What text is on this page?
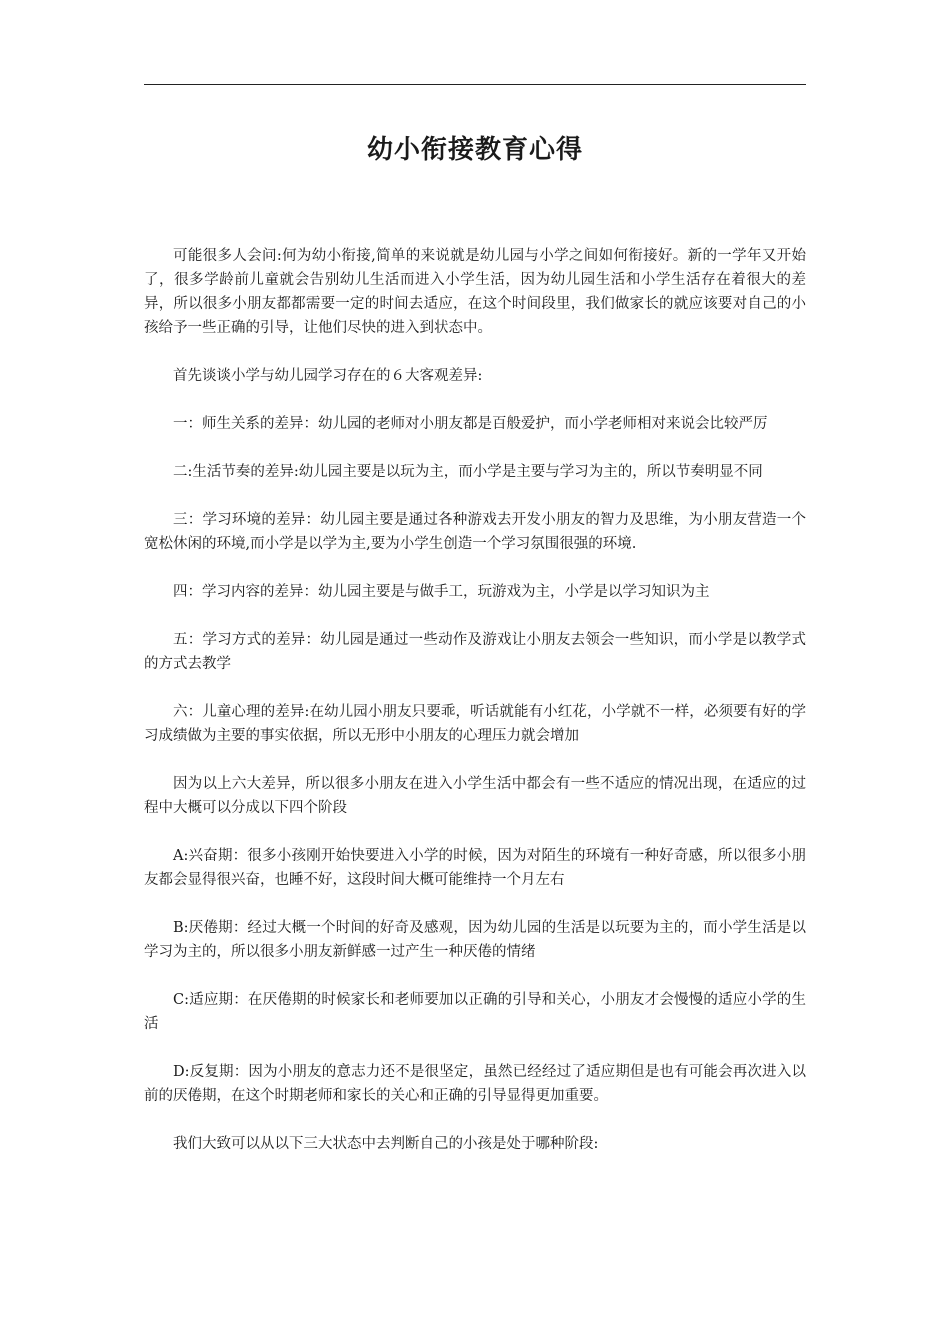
幼小衔接教育心得

可能很多人会问:何为幼小衔接,简单的来说就是幼儿园与小学之间如何衔接好。新的一学年又开始了，很多学龄前儿童就会告别幼儿生活而进入小学生活，因为幼儿园生活和小学生活存在着很大的差异，所以很多小朋友都都需要一定的时间去适应，在这个时间段里，我们做家长的就应该要对自己的小孩给予一些正确的引导，让他们尽快的进入到状态中。

首先谈谈小学与幼儿园学习存在的６大客观差异:

一：师生关系的差异：幼儿园的老师对小朋友都是百般爱护，而小学老师相对来说会比较严厉

二:生活节奏的差异:幼儿园主要是以玩为主，而小学是主要与学习为主的，所以节奏明显不同

三：学习环境的差异：幼儿园主要是通过各种游戏去开发小朋友的智力及思维，为小朋友营造一个宽松休闲的环境,而小学是以学为主,要为小学生创造一个学习氛围很强的环境.

四：学习内容的差异：幼儿园主要是与做手工，玩游戏为主，小学是以学习知识为主

五：学习方式的差异：幼儿园是通过一些动作及游戏让小朋友去领会一些知识，而小学是以教学式的方式去教学

六：儿童心理的差异:在幼儿园小朋友只要乖，听话就能有小红花，小学就不一样，必须要有好的学习成绩做为主要的事实依据，所以无形中小朋友的心理压力就会增加

因为以上六大差异，所以很多小朋友在进入小学生活中都会有一些不适应的情况出现，在适应的过程中大概可以分成以下四个阶段

A:兴奋期：很多小孩刚开始快要进入小学的时候，因为对陌生的环境有一种好奇感，所以很多小朋友都会显得很兴奋，也睡不好，这段时间大概可能维持一个月左右

B:厌倦期：经过大概一个时间的好奇及感观，因为幼儿园的生活是以玩要为主的，而小学生活是以学习为主的，所以很多小朋友新鲜感一过产生一种厌倦的情绪

C:适应期：在厌倦期的时候家长和老师要加以正确的引导和关心，小朋友才会慢慢的适应小学的生活

D:反复期：因为小朋友的意志力还不是很坚定，虽然已经经过了适应期但是也有可能会再次进入以前的厌倦期，在这个时期老师和家长的关心和正确的引导显得更加重要。

我们大致可以从以下三大状态中去判断自己的小孩是处于哪种阶段:
